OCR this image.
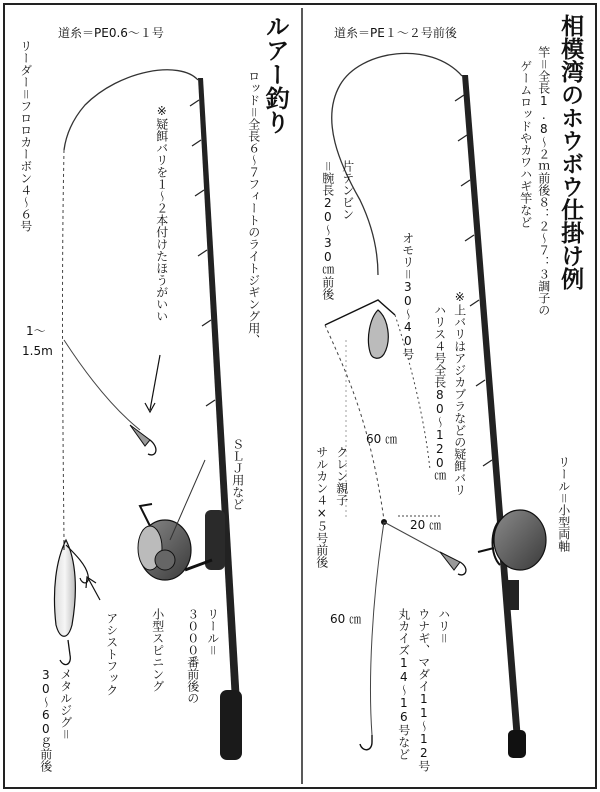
道糸＝PE0.6〜１号	ルアー釣り
リーダー＝フロロカーボン４〜６号
1〜
1.5m
ロッド＝全長６〜７フィートのライトジギング用、
ＳＬＪ用など
※疑餌バリを１〜２本付けたほうがいい
リール＝
３０００番前後の
小型スピニング
アシストフック
メタルジグ＝
30〜60ｇ前後
道糸＝PE１〜２号前後	相模湾のホウボウ仕掛け例
竿＝全長1.8〜２ｍ前後８：２〜７：３調子の
ゲームロッドやカワハギ竿など
片テンビン
＝腕長20〜30㎝前後	オモリ＝30〜40号	※上バリはアジカブラなどの疑餌バリ
ハリス４号全長80〜120㎝
リール＝小型両軸
60 ㎝
20 ㎝
60 ㎝
クレン親子
サルカン４×５号前後
ハリ＝
ウナギ、マダイ11〜12号
丸カイズ14〜16号など
